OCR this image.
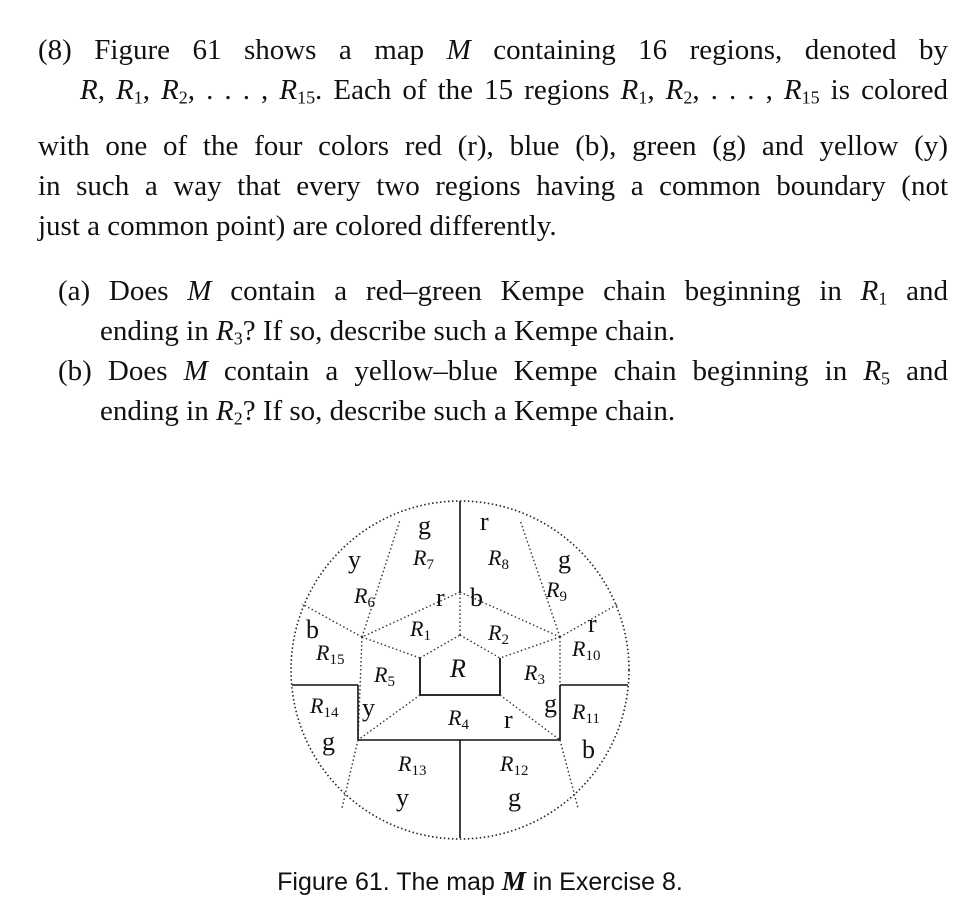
(8) Figure 61 shows a map M containing 16 regions, denoted by
R, $R_1$, $R_2$, . . . , $R_{15}$. Each of the 15 regions $R_1$, $R_2$, . . . , $R_{15}$ is colored

with one of the four colors red (r), blue (b), green (g) and yellow (y)
in such a way that every two regions having a common boundary (not
just a common point) are colored differently.

(a) Does M contain a red–green Kempe chain beginning in $R_1$ and
ending in $R_3$? If so, describe such a Kempe chain.

(b) Does M contain a yellow–blue Kempe chain beginning in $R_5$ and
ending in $R_2$? If so, describe such a Kempe chain.

R
R1	R2
R3
R4
R5
R6
R7 R8
R9
R10
R11
R12
R13
R14
R15
r
y
y
g r
g
r
b
g
y
g
b
r b
g
Figure 61. The map M in Exercise 8.
